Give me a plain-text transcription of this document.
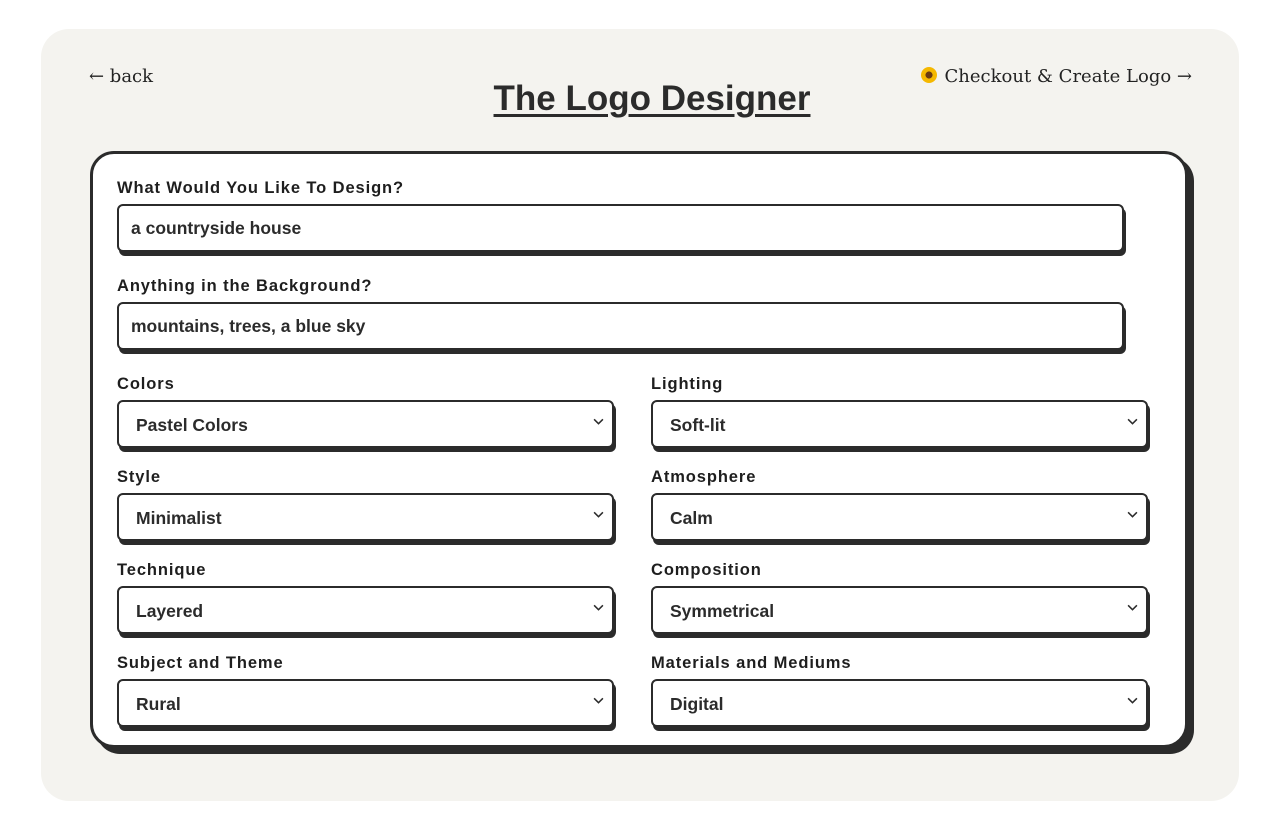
← back
The Logo Designer
Checkout & Create Logo →
What Would You Like To Design?
a countryside house
Anything in the Background?
mountains, trees, a blue sky
Colors
Pastel Colors
Lighting
Soft-lit
Style
Minimalist
Atmosphere
Calm
Technique
Layered
Composition
Symmetrical
Subject and Theme
Rural
Materials and Mediums
Digital
